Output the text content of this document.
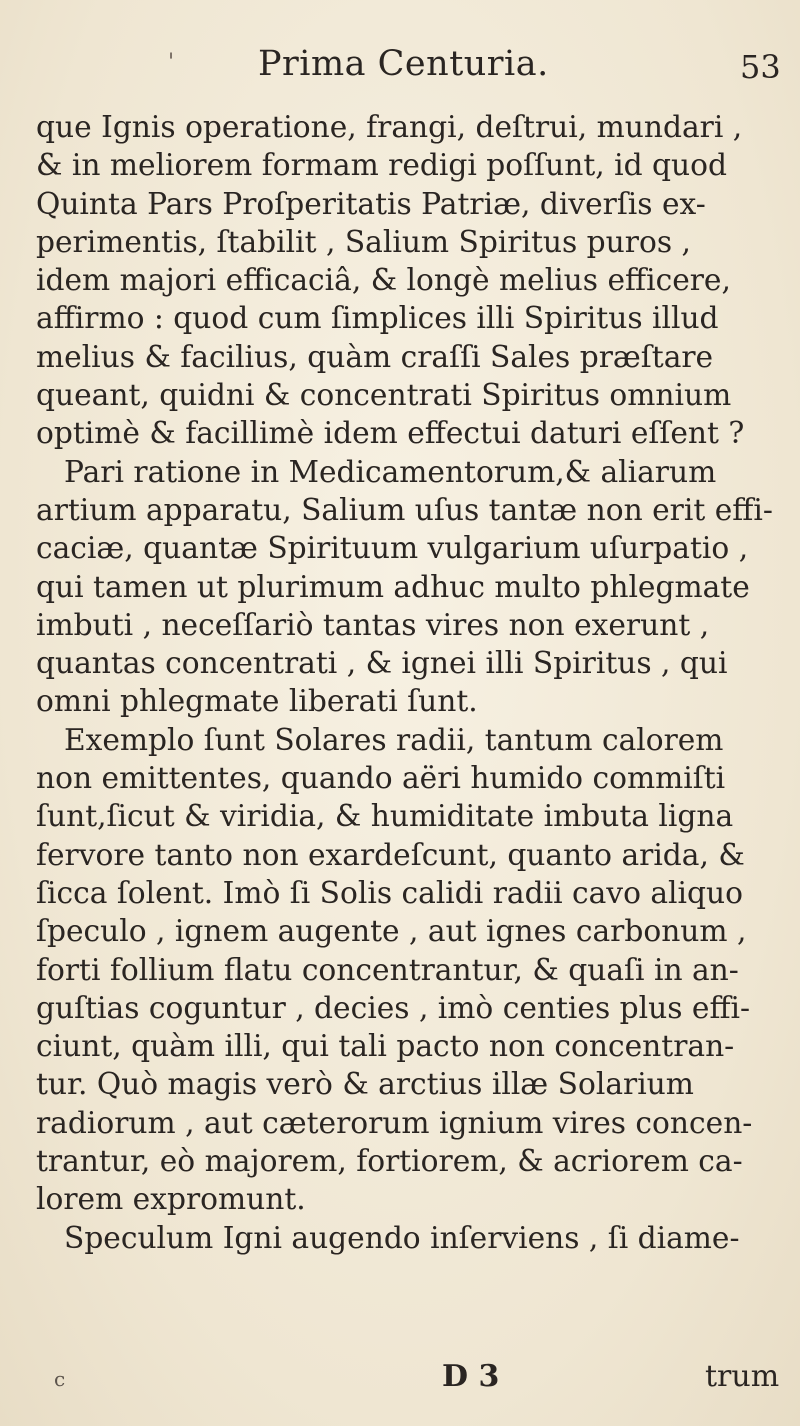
' Prima Centuria.	53
que Ignis operatione, frangi, deſtrui, mundari ,
& in meliorem formam redigi poſſunt, id quod
Quinta Pars Proſperitatis Patriæ, diverſis ex-
perimentis, ſtabilit , Salium Spiritus puros ,
idem majori efficaciâ, & longè melius efficere,
affirmo : quod cum ſimplices illi Spiritus illud
melius & facilius, quàm craſſi Sales præſtare
queant, quidni & concentrati Spiritus omnium
optimè & facillimè idem effectui daturi eſſent ?
Pari ratione in Medicamentorum,& aliarum
artium apparatu, Salium uſus tantæ non erit effi-
caciæ, quantæ Spirituum vulgarium uſurpatio ,
qui tamen ut plurimum adhuc multo phlegmate
imbuti , neceſſariò tantas vires non exerunt ,
quantas concentrati , & ignei illi Spiritus , qui
omni phlegmate liberati ſunt.
Exemplo ſunt Solares radii, tantum calorem
non emittentes, quando aëri humido commiſti
ſunt,ſicut & viridia, & humiditate imbuta ligna
fervore tanto non exardeſcunt, quanto arida, &
ſicca ſolent. Imò ſi Solis calidi radii cavo aliquo
ſpeculo , ignem augente , aut ignes carbonum ,
forti follium flatu concentrantur, & quaſi in an-
guſtias coguntur , decies , imò centies plus effi-
ciunt, quàm illi, qui tali pacto non concentran-
tur. Quò magis verò & arctius illæ Solarium
radiorum , aut cæterorum ignium vires concen-
trantur, eò majorem, fortiorem, & acriorem ca-
lorem expromunt.
Speculum Igni augendo inſerviens , ſi diame-
c	D 3	trum
